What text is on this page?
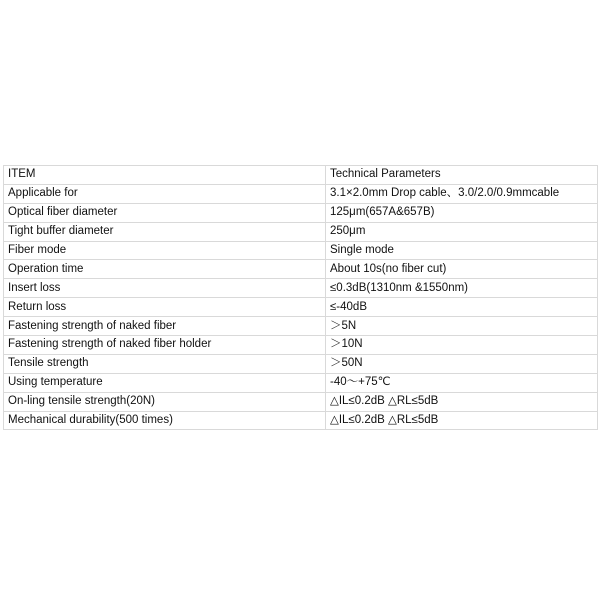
ITEM	Technical Parameters
Applicable for	3.1×2.0mm Drop cable、3.0/2.0/0.9mmcable
Optical fiber diameter	125μm(657A&657B)
Tight buffer diameter	250μm
Fiber mode	Single mode
Operation time	About 10s(no fiber cut)
Insert loss	≤0.3dB(1310nm &1550nm)
Return loss	≤-40dB
Fastening strength of naked fiber	＞5N
Fastening strength of naked fiber holder	＞10N
Tensile strength	＞50N
Using temperature	-40～+75℃
On-ling tensile strength(20N)	△IL≤0.2dB △RL≤5dB
Mechanical durability(500 times)	△IL≤0.2dB △RL≤5dB
